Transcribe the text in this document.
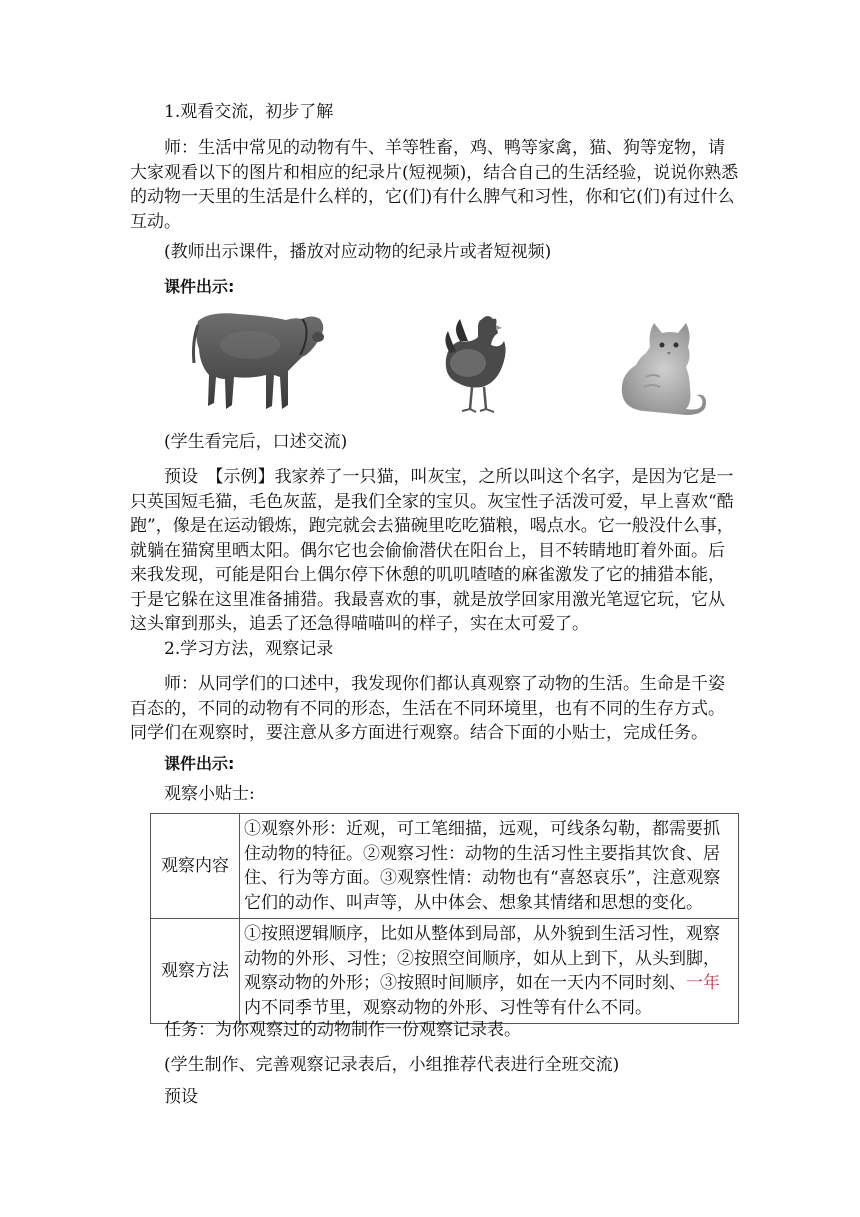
1.观看交流，初步了解

师：生活中常见的动物有牛、羊等牲畜，鸡、鸭等家禽，猫、狗等宠物，请大家观看以下的图片和相应的纪录片(短视频)，结合自己的生活经验，说说你熟悉的动物一天里的生活是什么样的，它(们)有什么脾气和习性，你和它(们)有过什么互动。

(教师出示课件，播放对应动物的纪录片或者短视频)

课件出示:

(学生看完后，口述交流)

预设　【示例】我家养了一只猫，叫灰宝，之所以叫这个名字，是因为它是一只英国短毛猫，毛色灰蓝，是我们全家的宝贝。灰宝性子活泼可爱，早上喜欢“酷跑”，像是在运动锻炼，跑完就会去猫碗里吃吃猫粮，喝点水。它一般没什么事，就躺在猫窝里晒太阳。偶尔它也会偷偷潜伏在阳台上，目不转睛地盯着外面。后来我发现，可能是阳台上偶尔停下休憩的叽叽喳喳的麻雀激发了它的捕猎本能，于是它躲在这里准备捕猎。我最喜欢的事，就是放学回家用激光笔逗它玩，它从这头窜到那头，追丢了还急得喵喵叫的样子，实在太可爱了。

2.学习方法，观察记录

师：从同学们的口述中，我发现你们都认真观察了动物的生活。生命是千姿百态的，不同的动物有不同的形态，生活在不同环境里，也有不同的生存方式。同学们在观察时，要注意从多方面进行观察。结合下面的小贴士，完成任务。

课件出示:

观察小贴士:

观察内容	①观察外形：近观，可工笔细描，远观，可线条勾勒，都需要抓住动物的特征。②观察习性：动物的生活习性主要指其饮食、居住、行为等方面。③观察性情：动物也有“喜怒哀乐”，注意观察它们的动作、叫声等，从中体会、想象其情绪和思想的变化。
观察方法	①按照逻辑顺序，比如从整体到局部，从外貌到生活习性，观察动物的外形、习性；②按照空间顺序，如从上到下，从头到脚，观察动物的外形；③按照时间顺序，如在一天内不同时刻、一年内不同季节里，观察动物的外形、习性等有什么不同。

任务：为你观察过的动物制作一份观察记录表。

(学生制作、完善观察记录表后，小组推荐代表进行全班交流)

预设
